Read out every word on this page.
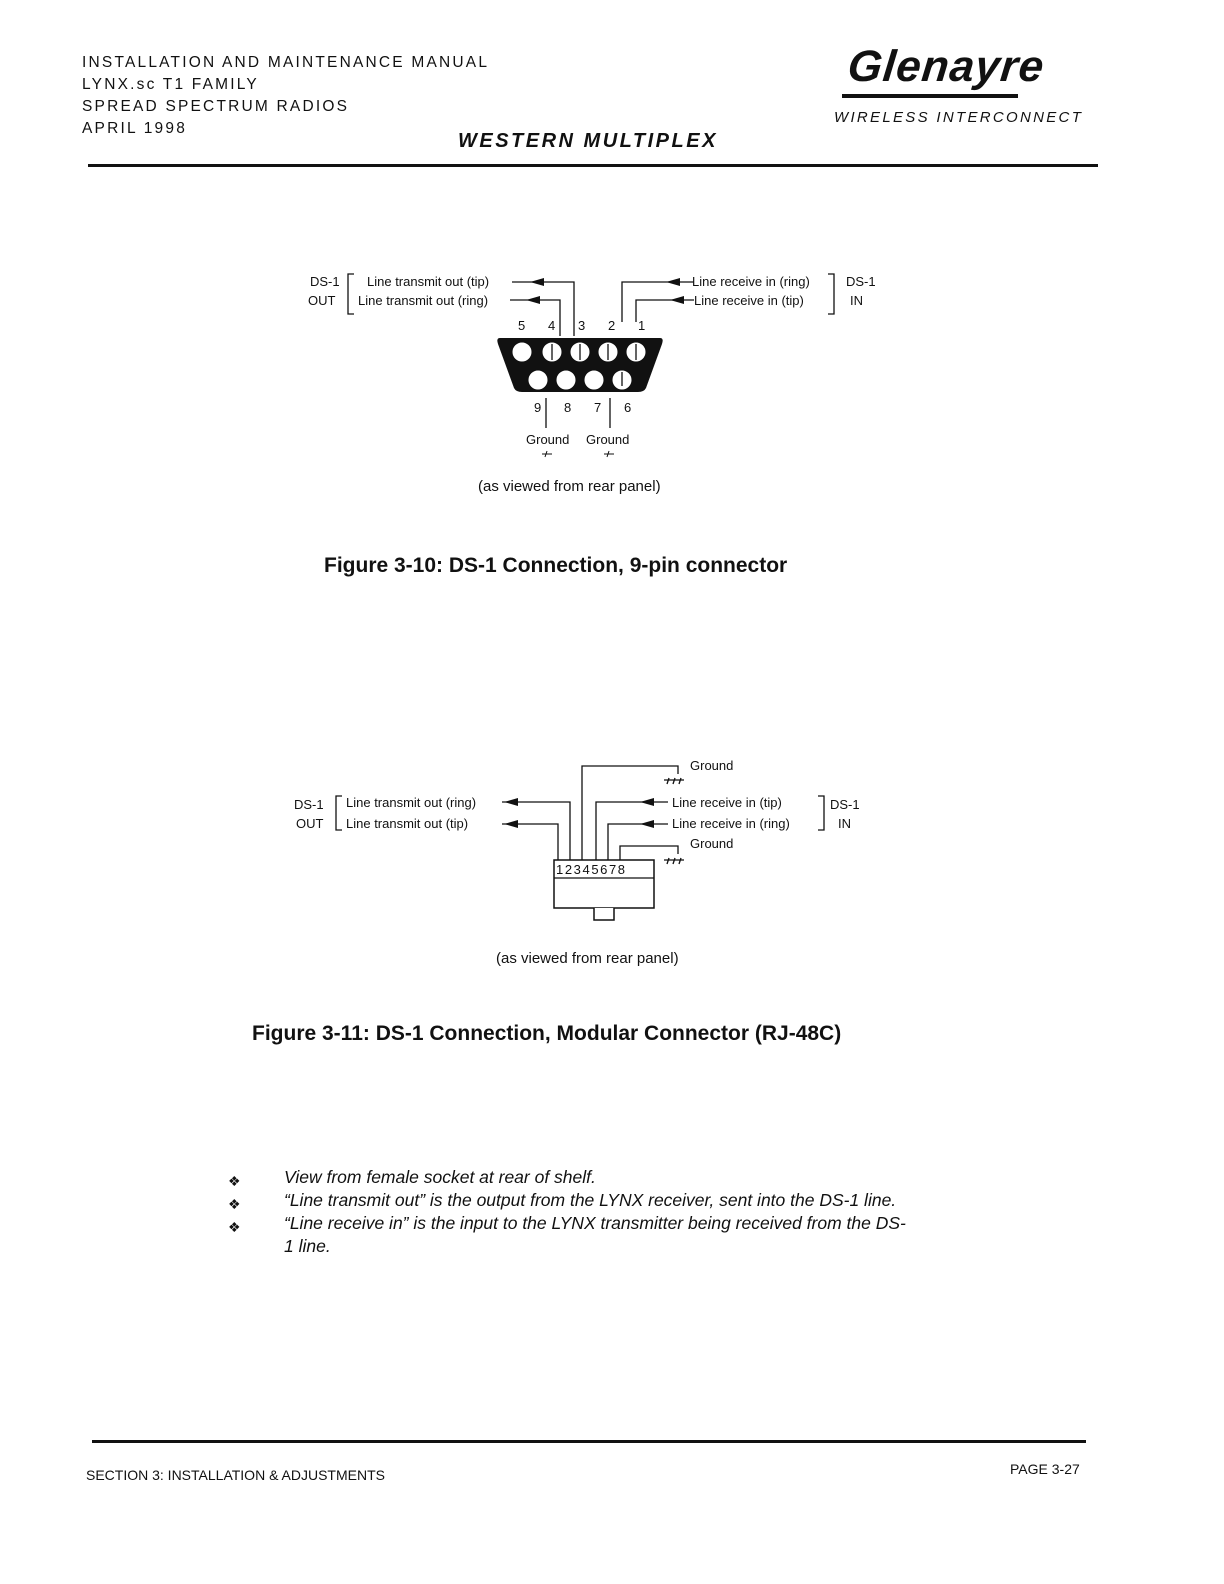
INSTALLATION AND MAINTENANCE MANUAL
LYNX.sc T1 FAMILY
SPREAD SPECTRUM RADIOS
APRIL 1998
Glenayre
WIRELESS INTERCONNECT
WESTERN MULTIPLEX
DS-1
OUT
Line transmit out (tip)
Line transmit out (ring)
Line receive in (ring)
Line receive in (tip)
DS-1
IN
5 4 3 2 1
9 8 7 6
Ground Ground
(as viewed from rear panel)
Figure 3-10: DS-1 Connection, 9-pin connector
DS-1
OUT
Line transmit out (ring)
Line transmit out (tip)
Ground
Line receive in (tip)
Line receive in (ring)
Ground
DS-1
IN
12345678
(as viewed from rear panel)
Figure 3-11: DS-1 Connection, Modular Connector (RJ-48C)
❖ View from female socket at rear of shelf.
❖ “Line transmit out” is the output from the LYNX receiver, sent into the DS-1 line.
❖ “Line receive in” is the input to the LYNX transmitter being received from the DS-1 line.
SECTION 3: INSTALLATION & ADJUSTMENTS	PAGE 3-27
